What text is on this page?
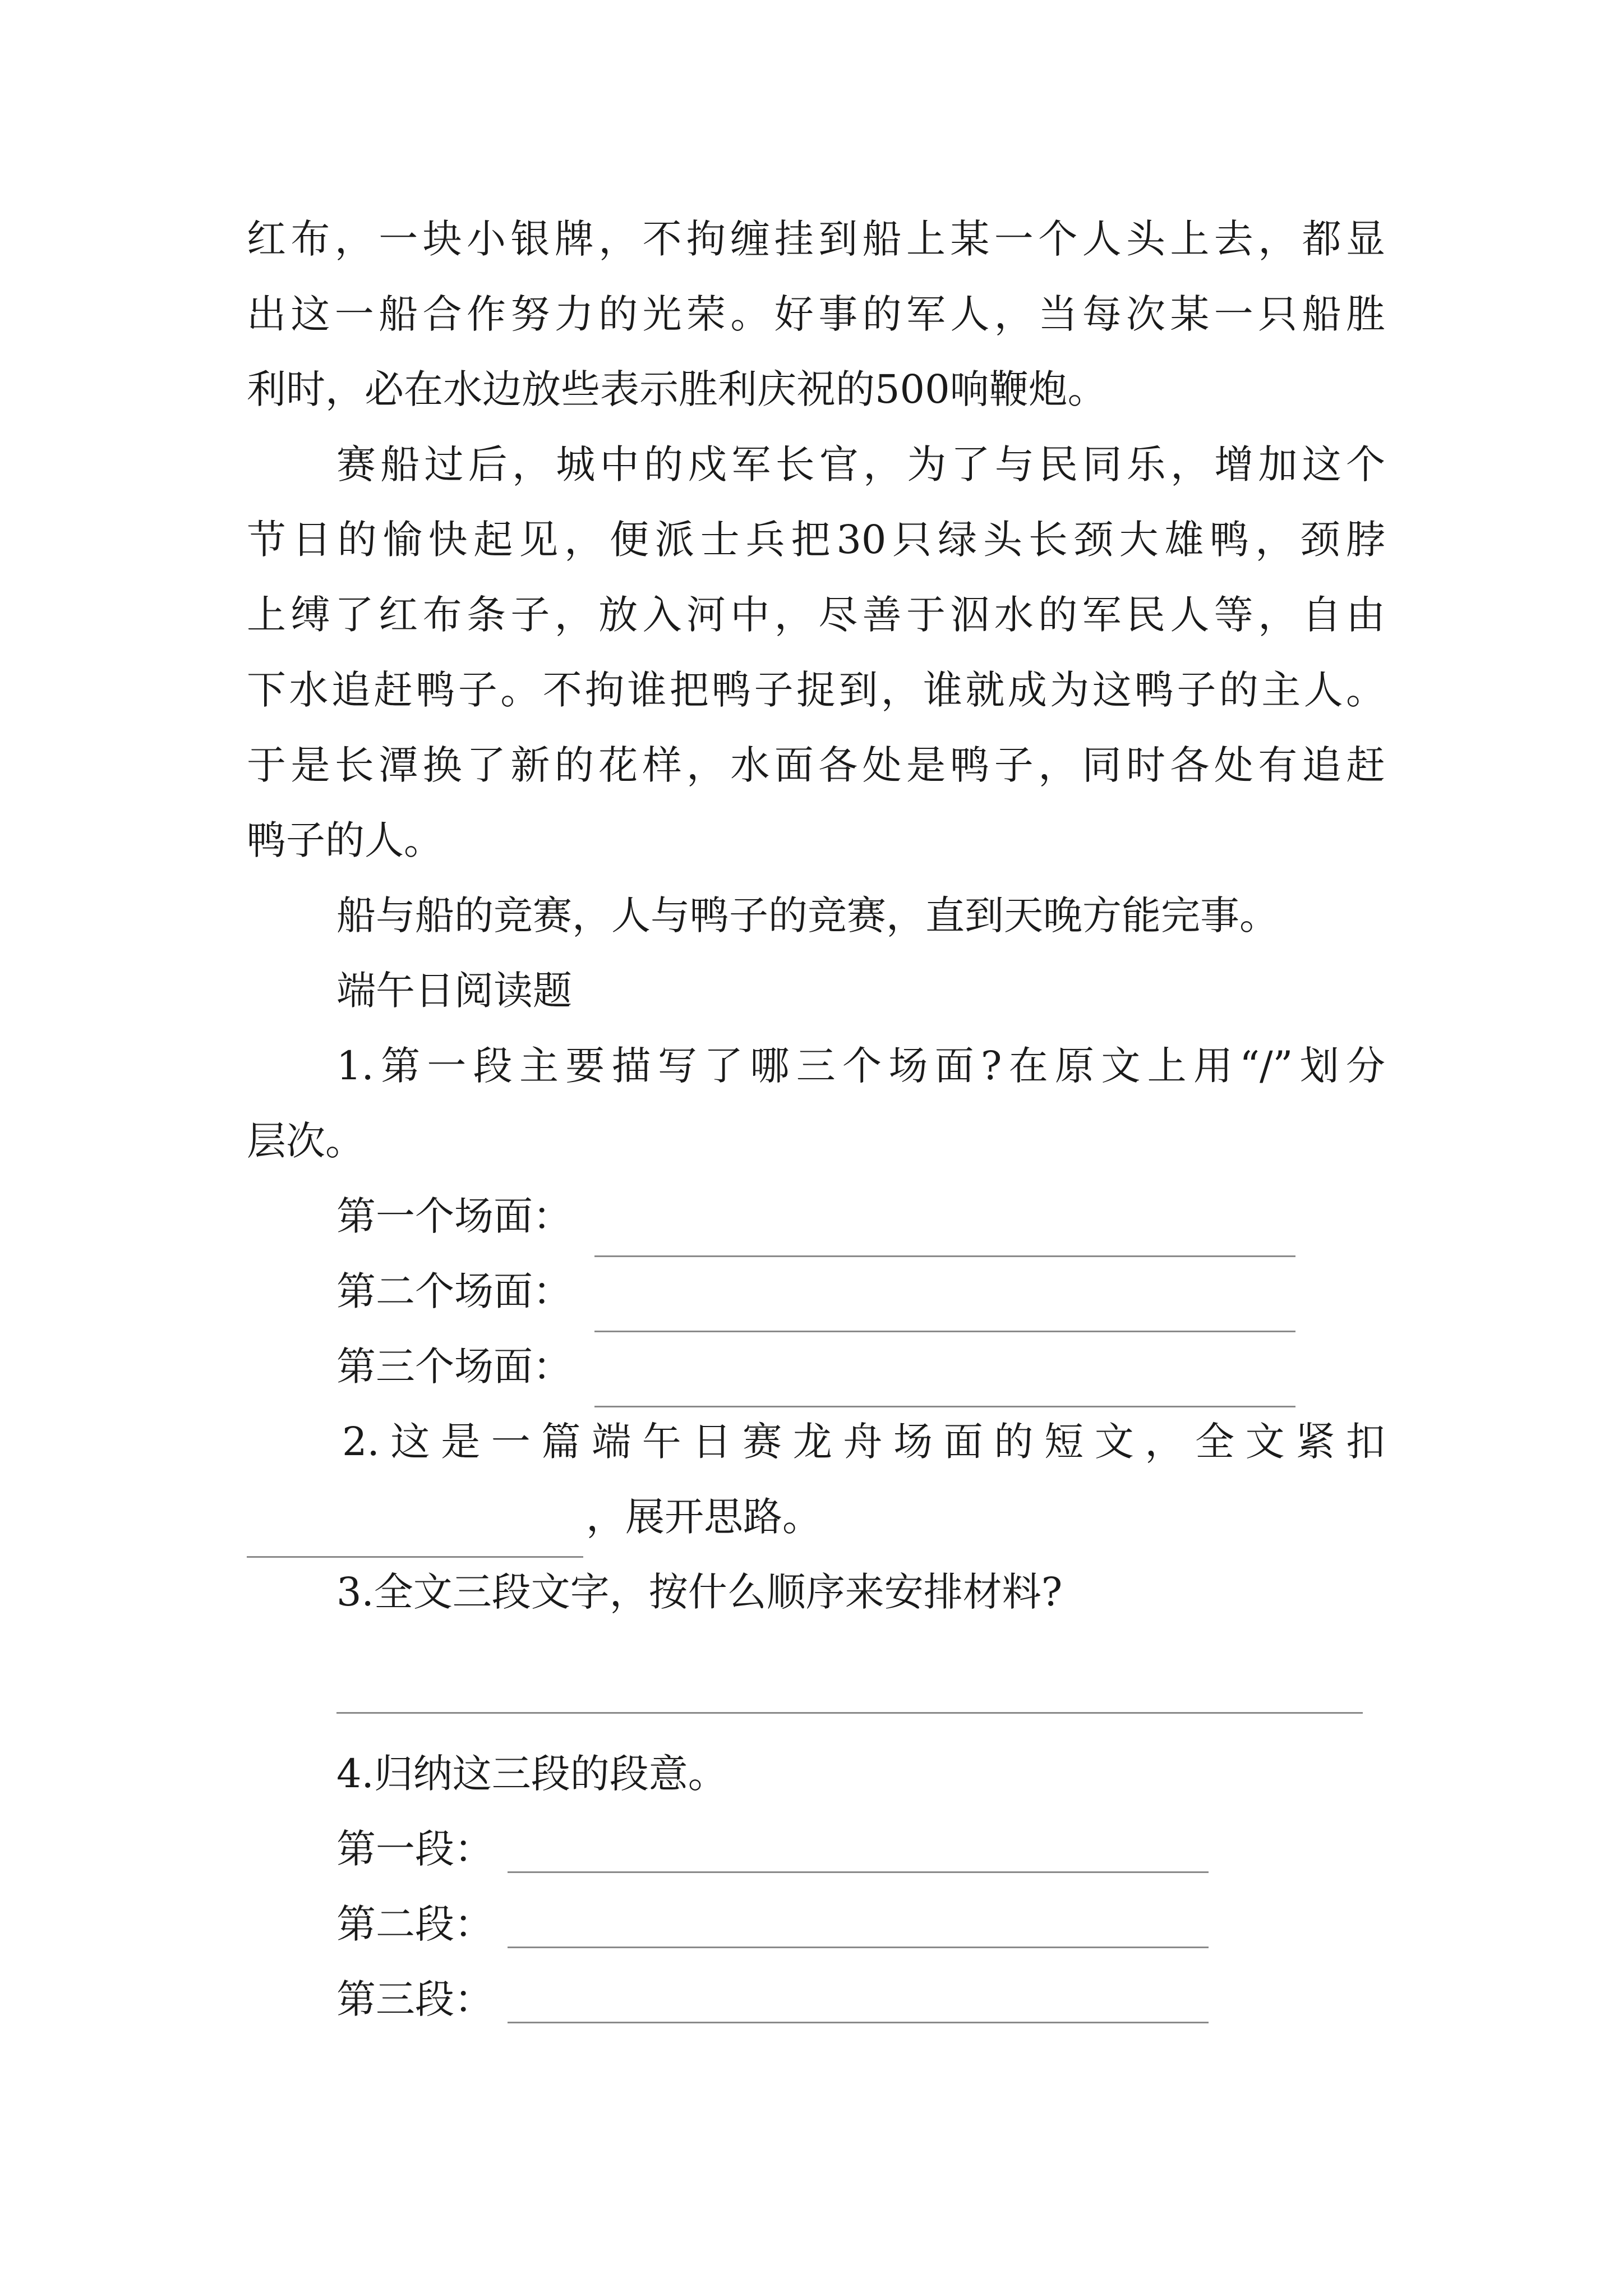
红布，一块小银牌，不拘缠挂到船上某一个人头上去，都显
出这一船合作努力的光荣。好事的军人，当每次某一只船胜
利时，必在水边放些表示胜利庆祝的500响鞭炮。
赛船过后，城中的戍军长官，为了与民同乐，增加这个
节日的愉快起见，便派士兵把30只绿头长颈大雄鸭，颈脖
上缚了红布条子，放入河中，尽善于泅水的军民人等，自由
下水追赶鸭子。不拘谁把鸭子捉到，谁就成为这鸭子的主人。
于是长潭换了新的花样，水面各处是鸭子，同时各处有追赶
鸭子的人。
船与船的竞赛，人与鸭子的竞赛，直到天晚方能完事。
端午日阅读题
1.第一段主要描写了哪三个场面?在原文上用“/”划分
层次。
第一个场面：
第二个场面：
第三个场面：
2.这是一篇端午日赛龙舟场面的短文，全文紧扣
，展开思路。
3.全文三段文字，按什么顺序来安排材料?
4.归纳这三段的段意。
第一段：
第二段：
第三段：
